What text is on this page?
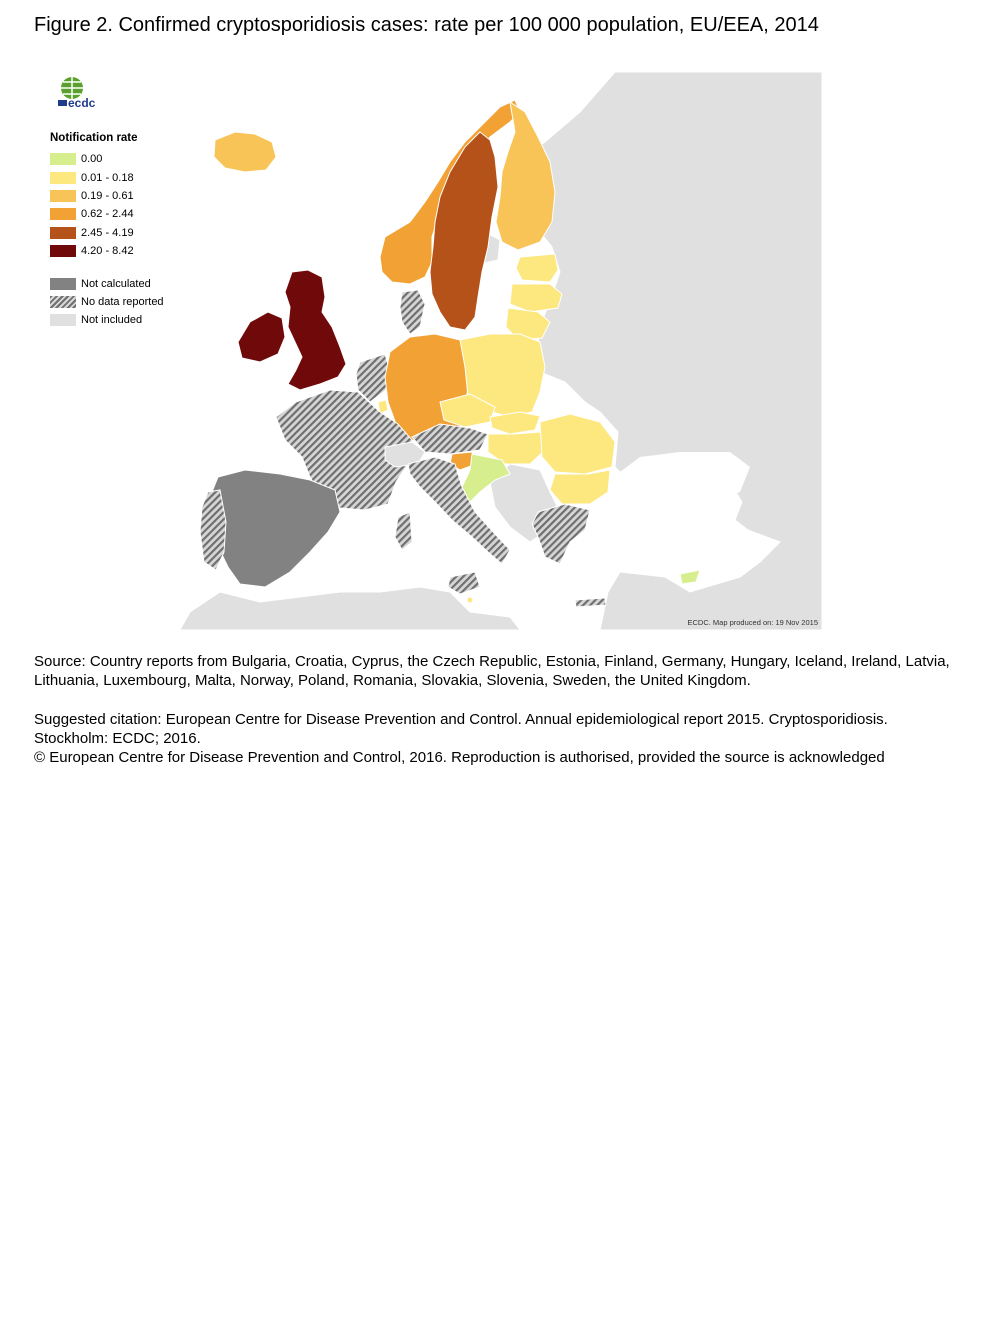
Figure 2. Confirmed cryptosporidiosis cases: rate per 100 000 population, EU/EEA, 2014
ecdc
Notification rate
0.00
0.01 - 0.18
0.19 - 0.61
0.62 - 2.44
2.45 - 4.19
4.20 - 8.42
Not calculated
No data reported
Not included
ECDC. Map produced on: 19 Nov 2015
Source: Country reports from Bulgaria, Croatia, Cyprus, the Czech Republic, Estonia, Finland, Germany, Hungary, Iceland, Ireland, Latvia, Lithuania, Luxembourg, Malta, Norway, Poland, Romania, Slovakia, Slovenia, Sweden, the United Kingdom.
Suggested citation: European Centre for Disease Prevention and Control. Annual epidemiological report 2015. Cryptosporidiosis. Stockholm: ECDC; 2016.
© European Centre for Disease Prevention and Control, 2016. Reproduction is authorised, provided the source is acknowledged
